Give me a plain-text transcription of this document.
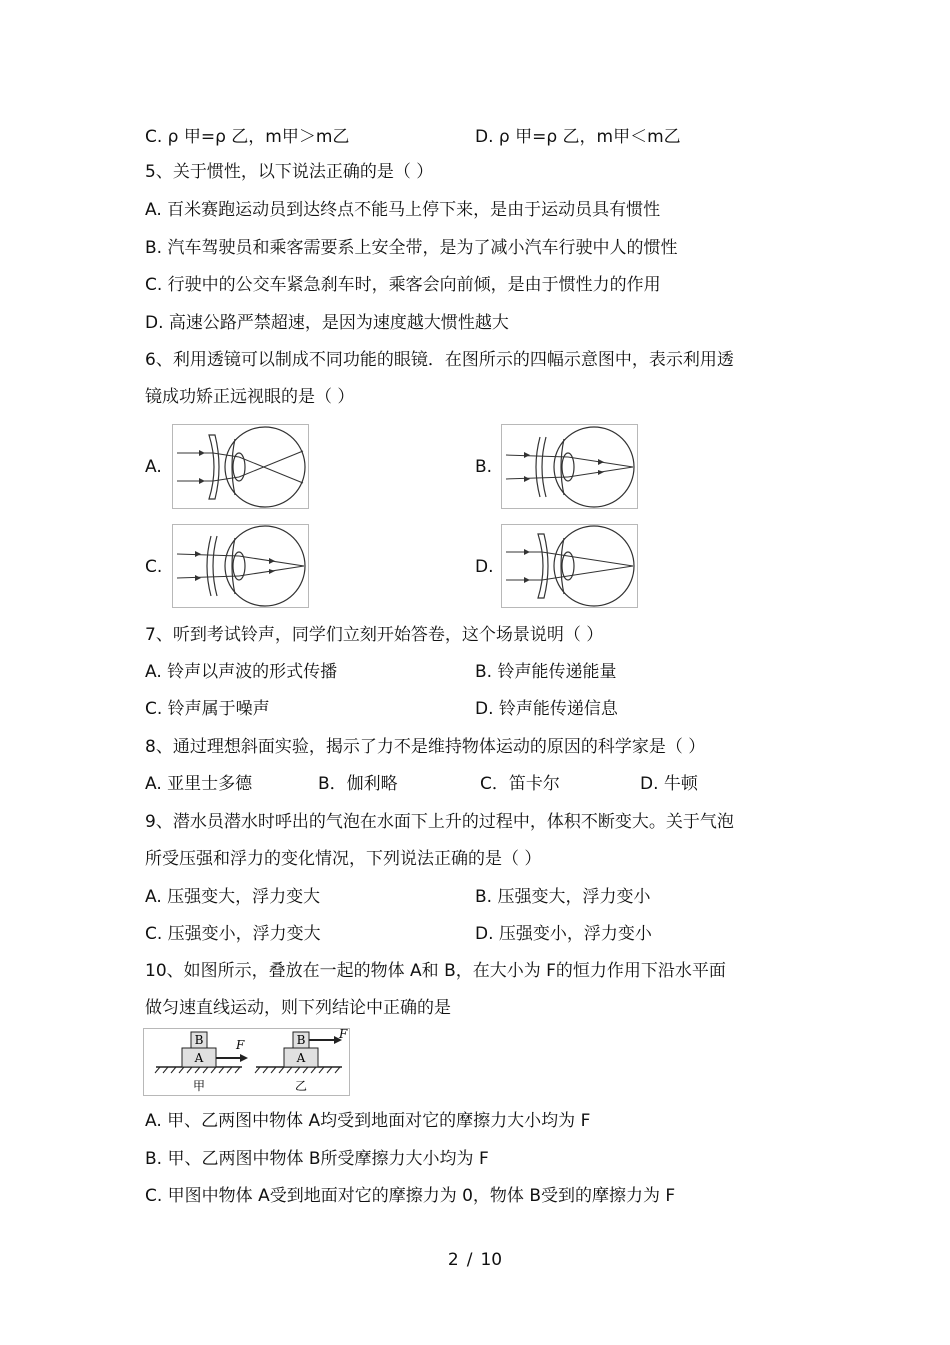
C. ρ 甲=ρ 乙，m甲＞m乙	D. ρ 甲=ρ 乙，m甲＜m乙
5、关于惯性，以下说法正确的是（ ）
A. 百米赛跑运动员到达终点不能马上停下来，是由于运动员具有惯性
B. 汽车驾驶员和乘客需要系上安全带，是为了减小汽车行驶中人的惯性
C. 行驶中的公交车紧急刹车时，乘客会向前倾，是由于惯性力的作用
D. 高速公路严禁超速，是因为速度越大惯性越大
6、利用透镜可以制成不同功能的眼镜．在图所示的四幅示意图中，表示利用透
镜成功矫正远视眼的是（ ）
A.	B.
C.	D.
7、听到考试铃声，同学们立刻开始答卷，这个场景说明（ ）
A. 铃声以声波的形式传播	B. 铃声能传递能量
C. 铃声属于噪声	D. 铃声能传递信息
8、通过理想斜面实验，揭示了力不是维持物体运动的原因的科学家是（ ）
A. 亚里士多德	B．伽利略	C．笛卡尔	D. 牛顿
9、潜水员潜水时呼出的气泡在水面下上升的过程中，体积不断变大。关于气泡
所受压强和浮力的变化情况，下列说法正确的是（ ）
A. 压强变大，浮力变大	B. 压强变大，浮力变小
C. 压强变小，浮力变大	D. 压强变小，浮力变小
10、如图所示，叠放在一起的物体 A和 B，在大小为 F的恒力作用下沿水平面
做匀速直线运动，则下列结论中正确的是
B
A
F
甲
B
A
F
乙
A. 甲、乙两图中物体 A均受到地面对它的摩擦力大小均为 F
B. 甲、乙两图中物体 B所受摩擦力大小均为 F
C. 甲图中物体 A受到地面对它的摩擦力为 0，物体 B受到的摩擦力为 F
2 / 10
